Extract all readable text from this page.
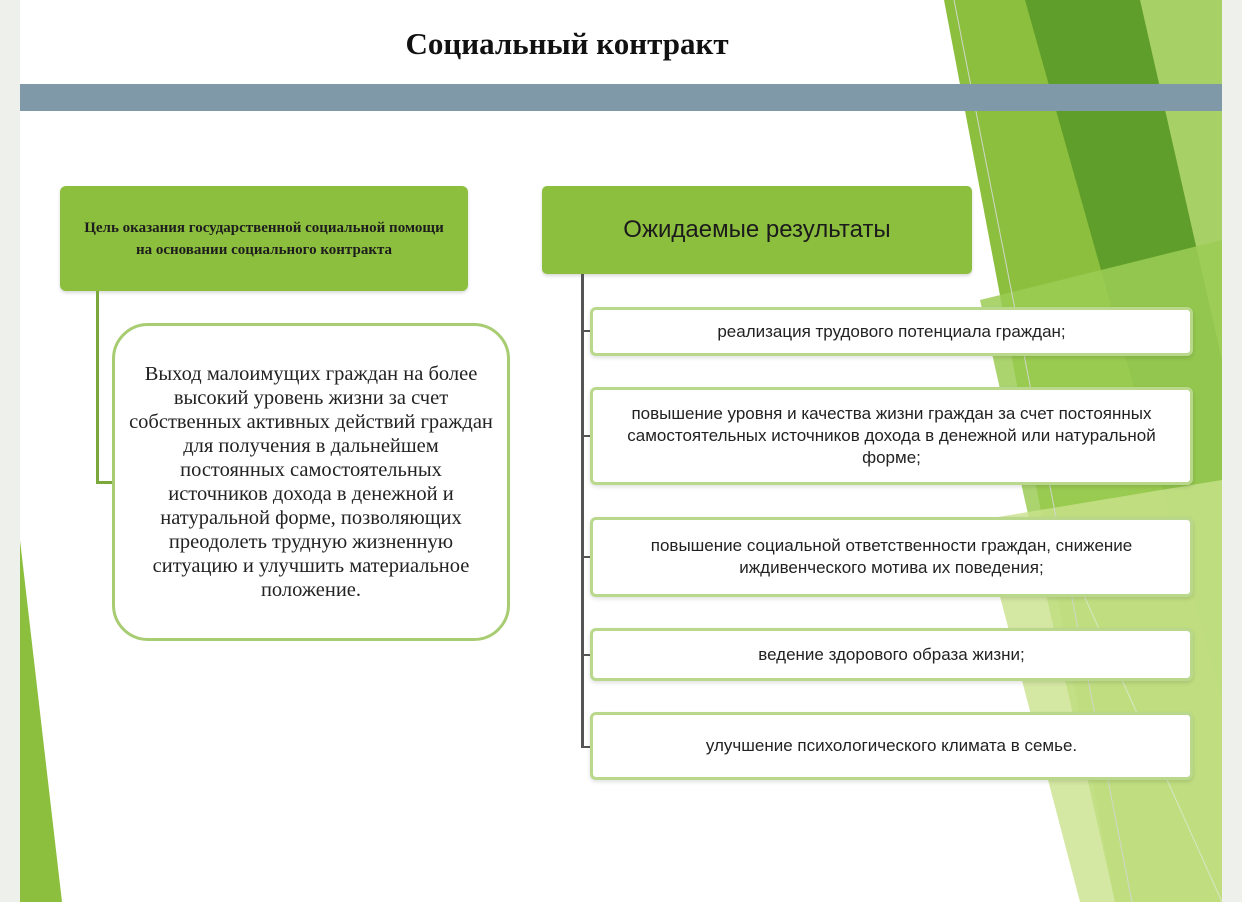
Социальный контракт
Цель оказания государственной социальной помощи на основании социального контракта
Выход малоимущих граждан на более высокий уровень жизни за счет собственных активных действий граждан для получения в дальнейшем постоянных самостоятельных источников дохода в денежной и натуральной форме, позволяющих преодолеть трудную жизненную ситуацию и улучшить материальное положение.
Ожидаемые результаты
реализация трудового потенциала граждан;
повышение уровня и качества жизни граждан за счет постоянных самостоятельных источников дохода в денежной или натуральной форме;
повышение социальной ответственности граждан, снижение иждивенческого мотива их поведения;
ведение здорового образа жизни;
улучшение психологического климата в семье.
